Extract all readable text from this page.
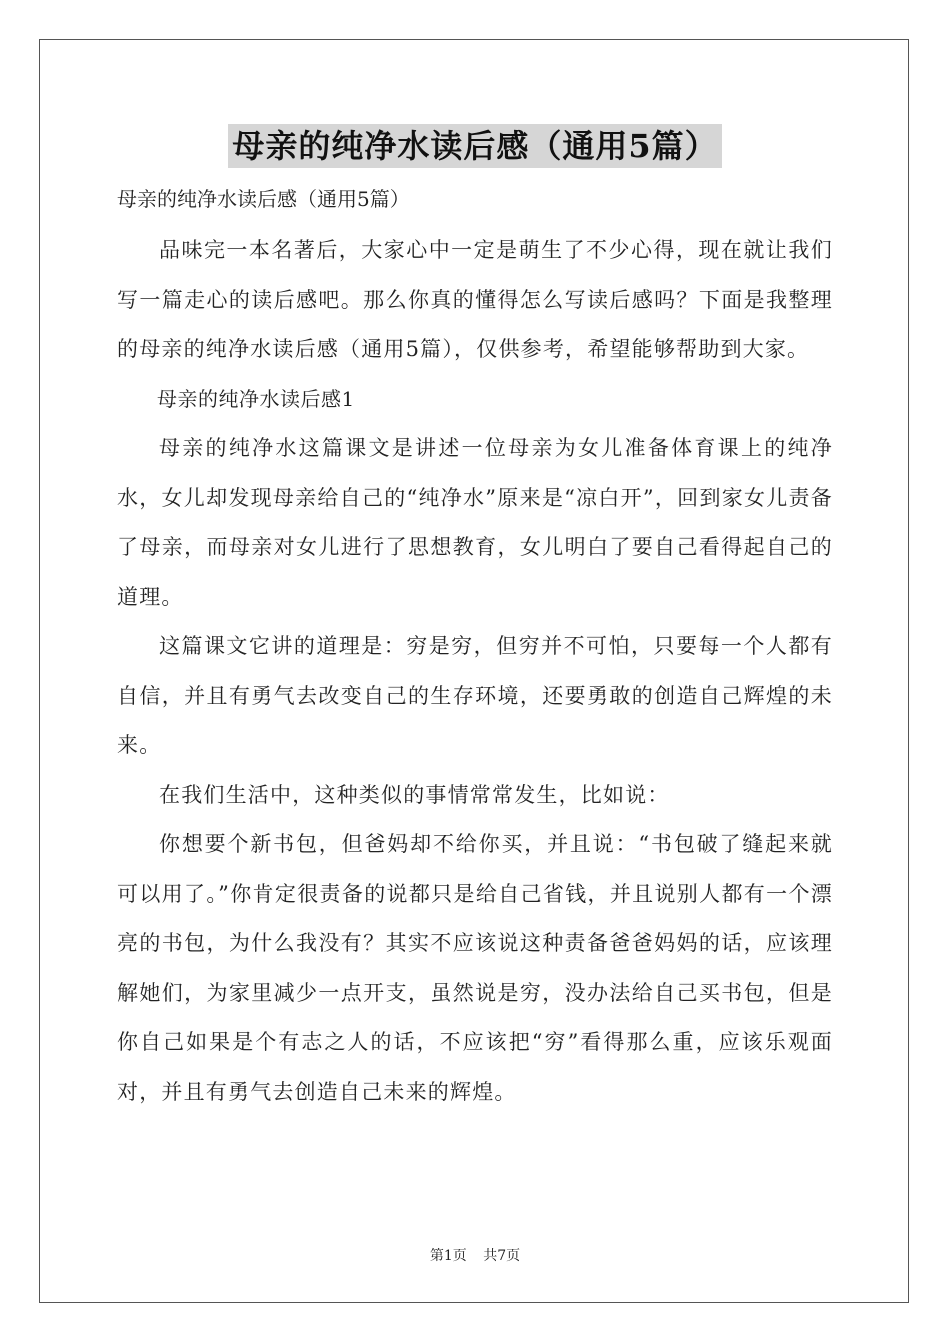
母亲的纯净水读后感（通用5篇）
母亲的纯净水读后感（通用5篇）

品味完一本名著后，大家心中一定是萌生了不少心得，现在就让我们写一篇走心的读后感吧。那么你真的懂得怎么写读后感吗？下面是我整理的母亲的纯净水读后感（通用5篇），仅供参考，希望能够帮助到大家。

母亲的纯净水读后感1

母亲的纯净水这篇课文是讲述一位母亲为女儿准备体育课上的纯净水，女儿却发现母亲给自己的“纯净水”原来是“凉白开”，回到家女儿责备了母亲，而母亲对女儿进行了思想教育，女儿明白了要自己看得起自己的道理。

这篇课文它讲的道理是：穷是穷，但穷并不可怕，只要每一个人都有自信，并且有勇气去改变自己的生存环境，还要勇敢的创造自己辉煌的未来。

在我们生活中，这种类似的事情常常发生，比如说：

你想要个新书包，但爸妈却不给你买，并且说：“书包破了缝起来就可以用了。”你肯定很责备的说都只是给自己省钱，并且说别人都有一个漂亮的书包，为什么我没有？其实不应该说这种责备爸爸妈妈的话，应该理解她们，为家里减少一点开支，虽然说是穷，没办法给自己买书包，但是你自己如果是个有志之人的话，不应该把“穷”看得那么重，应该乐观面对，并且有勇气去创造自己未来的辉煌。

第1页 共7页
